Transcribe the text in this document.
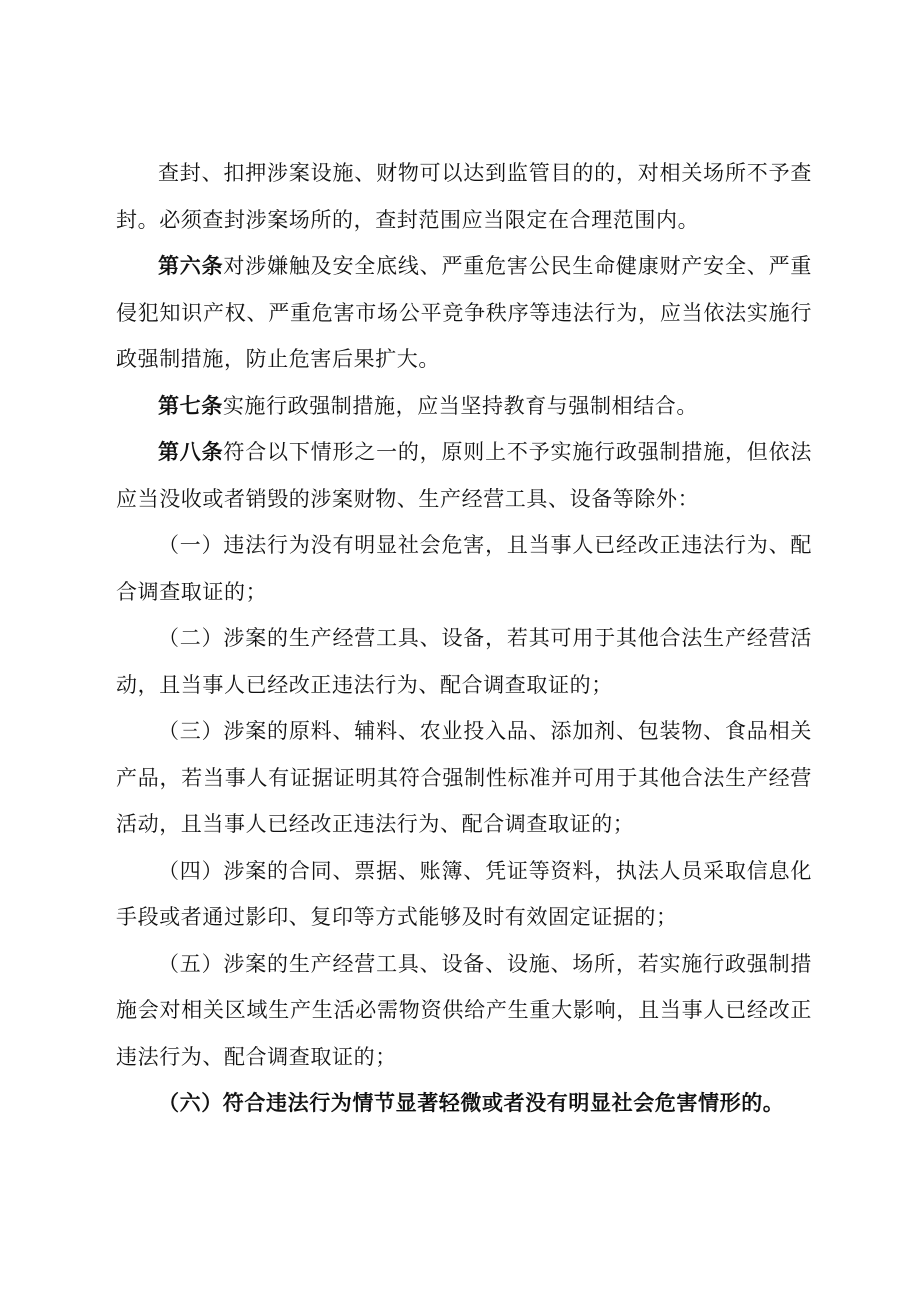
查封、扣押涉案设施、财物可以达到监管目的的，对相关场所不予查封。必须查封涉案场所的，查封范围应当限定在合理范围内。

第六条对涉嫌触及安全底线、严重危害公民生命健康财产安全、严重侵犯知识产权、严重危害市场公平竞争秩序等违法行为，应当依法实施行政强制措施，防止危害后果扩大。

第七条实施行政强制措施，应当坚持教育与强制相结合。

第八条符合以下情形之一的，原则上不予实施行政强制措施，但依法应当没收或者销毁的涉案财物、生产经营工具、设备等除外：

（一）违法行为没有明显社会危害，且当事人已经改正违法行为、配合调查取证的；

（二）涉案的生产经营工具、设备，若其可用于其他合法生产经营活动，且当事人已经改正违法行为、配合调查取证的；

（三）涉案的原料、辅料、农业投入品、添加剂、包装物、食品相关产品，若当事人有证据证明其符合强制性标准并可用于其他合法生产经营活动，且当事人已经改正违法行为、配合调查取证的；

（四）涉案的合同、票据、账簿、凭证等资料，执法人员采取信息化手段或者通过影印、复印等方式能够及时有效固定证据的；

（五）涉案的生产经营工具、设备、设施、场所，若实施行政强制措施会对相关区域生产生活必需物资供给产生重大影响，且当事人已经改正违法行为、配合调查取证的；

（六）符合违法行为情节显著轻微或者没有明显社会危害情形的。
